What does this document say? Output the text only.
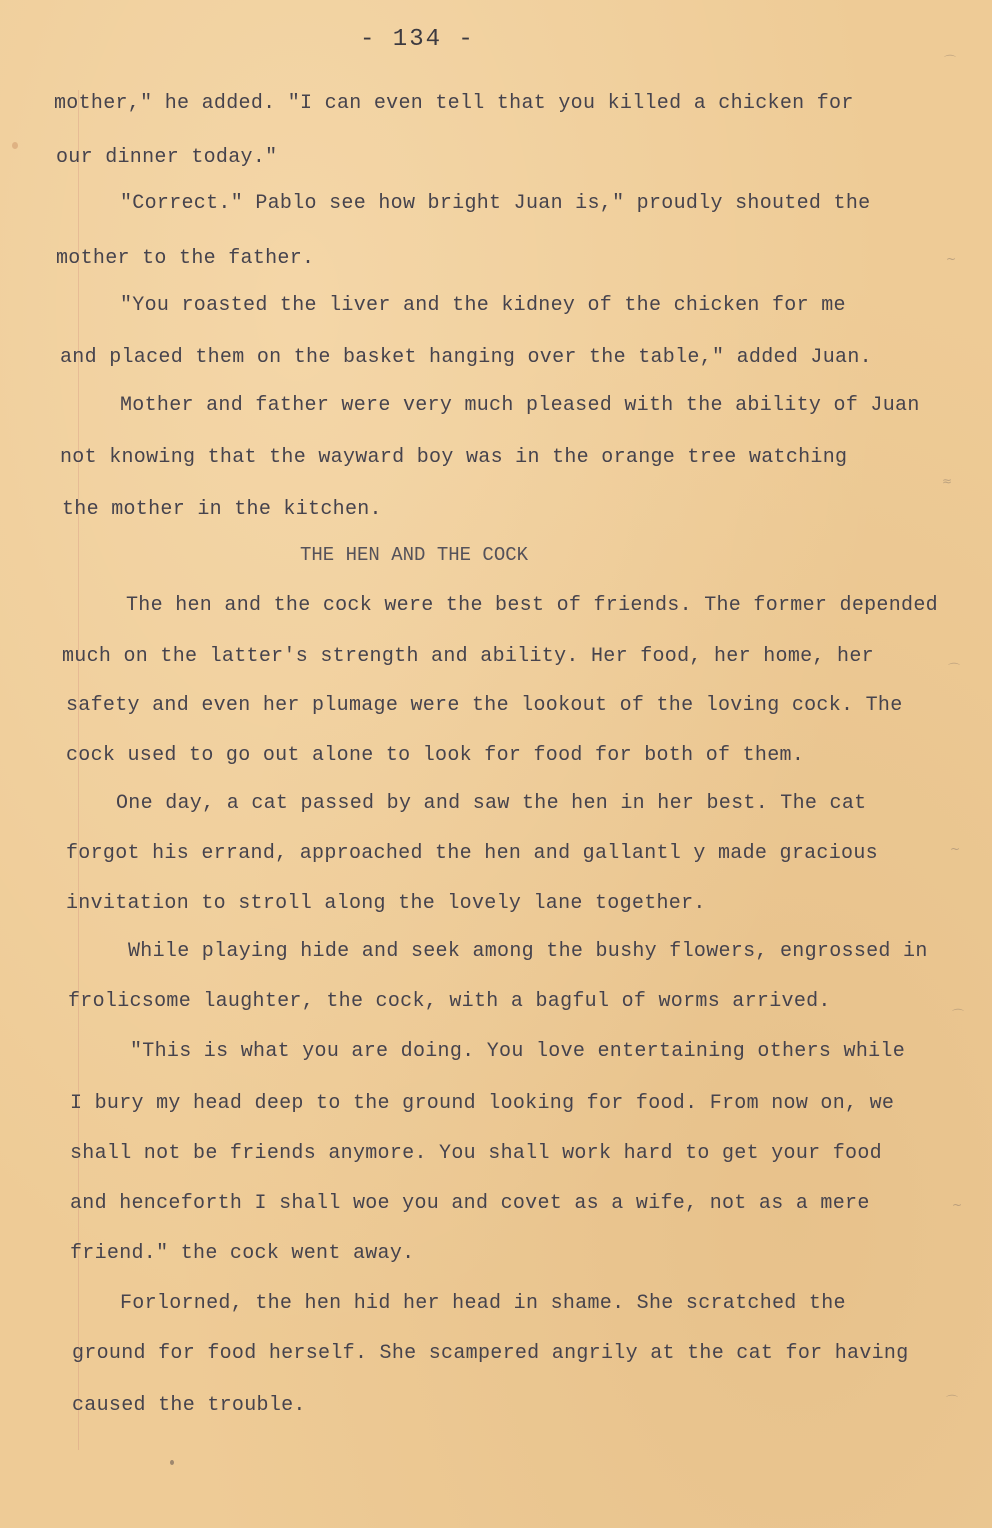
- 134 -
mother," he added. "I can even tell that you killed a chicken for
our dinner today."
"Correct." Pablo see how bright Juan is," proudly shouted the
mother to the father.
"You roasted the liver and the kidney of the chicken for me
and placed them on the basket hanging over the table," added Juan.
Mother and father were very much pleased with the ability of Juan
not knowing that the wayward boy was in the orange tree watching
the mother in the kitchen.
THE HEN AND THE COCK
The hen and the cock were the best of friends. The former depended
much on the latter's strength and ability. Her food, her home, her
safety and even her plumage were the lookout of the loving cock. The
cock used to go out alone to look for food for both of them.
One day, a cat passed by and saw the hen in her best. The cat
forgot his errand, approached the hen and gallantl y made gracious
invitation to stroll along the lovely lane together.
While playing hide and seek among the bushy flowers, engrossed in
frolicsome laughter, the cock, with a bagful of worms arrived.
"This is what you are doing. You love entertaining others while
I bury my head deep to the ground looking for food. From now on, we
shall not be friends anymore. You shall work hard to get your food
and henceforth I shall woe you and covet as a wife, not as a mere
friend." the cock went away.
Forlorned, the hen hid her head in shame. She scratched the
ground for food herself. She scampered angrily at the cat for having
caused the trouble.
⌒
~
≈
⌒
~
⌒
~
⌒
